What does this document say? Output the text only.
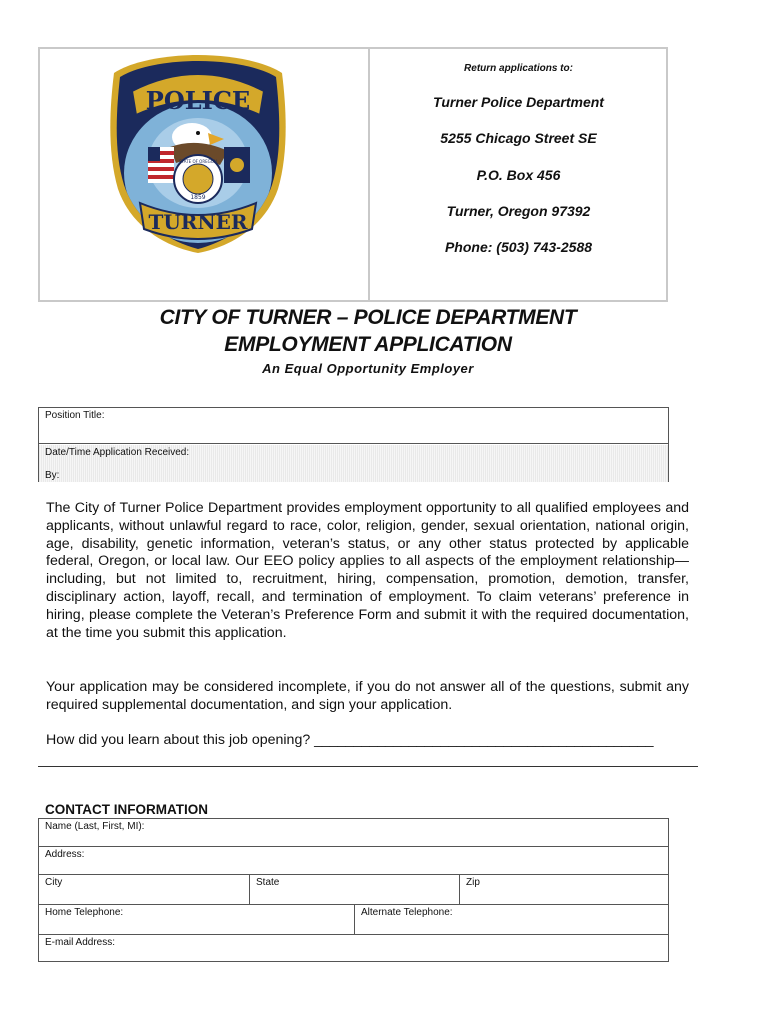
POLICE
1859
STATE OF OREGON
TURNER
Return applications to:
Turner Police Department
5255 Chicago Street SE
P.O. Box 456
Turner, Oregon 97392
Phone: (503) 743-2588
CITY OF TURNER – POLICE DEPARTMENT
EMPLOYMENT APPLICATION
An Equal Opportunity Employer
Position Title:
Date/Time Application Received:
By:
The City of Turner Police Department provides employment opportunity to all qualified employees and applicants, without unlawful regard to race, color, religion, gender, sexual orientation, national origin, age, disability, genetic information, veteran’s status, or any other status protected by applicable federal, Oregon, or local law. Our EEO policy applies to all aspects of the employment relationship—including, but not limited to, recruitment, hiring, compensation, promotion, demotion, transfer, disciplinary action, layoff, recall, and termination of employment. To claim veterans’ preference in hiring, please complete the Veteran’s Preference Form and submit it with the required documentation, at the time you submit this application.
Your application may be considered incomplete, if you do not answer all of the questions, submit any required supplemental documentation, and sign your application.
How did you learn about this job opening? ___________________________________________
CONTACT INFORMATION
Name (Last, First, MI):
Address:
City	State	Zip
Home Telephone:	Alternate Telephone:
E-mail Address:
